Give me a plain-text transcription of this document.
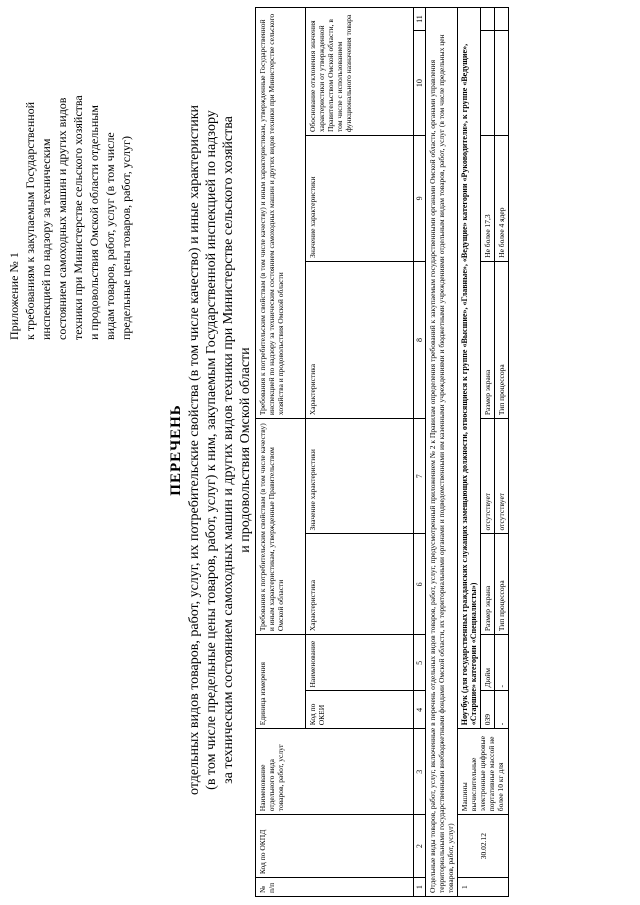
Приложение № 1 к требованиям к закупаемым Государственной инспекцией по надзору за техническим состоянием самоходных машин и других видов техники при Министерстве сельского хозяйства и продовольствия Омской области отдельным видам товаров, работ, услуг (в том числе предельные цены товаров, работ, услуг)
ПЕРЕЧЕНЬ отдельных видов товаров, работ, услуг, их потребительские свойства (в том числе качество) и иные характеристики (в том числе предельные цены товаров, работ, услуг) к ним, закупаемым Государственной инспекцией по надзору за техническим состоянием самоходных машин и других видов техники при Министерстве сельского хозяйства и продовольствия Омской области
№ п/п	Код по ОКПД	Наименование отдельного вида товаров, работ, услуг	Единица измерения		Требования к потребительским свойствам (в том числе качеству) и иным характеристикам, утвержденные Правительством Омской области		Требования к потребительским свойствам (в том числе качеству) и иным характеристикам, утвержденные Государственной инспекцией по надзору за техническим состоянием самоходных машин и других видов техники при Министерстве сельского хозяйства и продовольствия Омской области			
			Код по ОКЕИ	Наименование	Характеристика	Значение характеристики	Характеристика	Значение характеристики	Обоснование отклонения значения характеристики от утвержденной Правительством Омской области, в том числе с использованием функционального назначения товара	
1	2	3	4	5	6	7	8	9	10	11
Отдельные виды товаров, работ, услуг, включенные в перечень отдельных видов товаров, работ, услуг, предусмотренный приложением № 2 к Правилам определения требований к закупаемым государственными органами Омской области, органами управления территориальными государственными внебюджетными фондами Омской области, их территориальными органами и подведомственными им казенными учреждениями и бюджетными учреждениями отдельным видам товаров, работ, услуг (в том числе предельных цен товаров, работ, услуг)										
1	30.02.12	Машины вычислительные электронные цифровые портативные массой не более 10 кг для	Ноутбук (для государственных гражданских служащих замещающих должности, относящиеся к группе «Высшие», «Главные», «Ведущие» категории «Руководители», к группе «Ведущие», «Старшие» категории «Специалисты»)							
			039	Дюйм	Размер экрана	отсутствует	Размер экрана	Не более 17,3		
			-	-	Тип процессора	отсутствует	Тип процессора	Не более 4 ядер		
